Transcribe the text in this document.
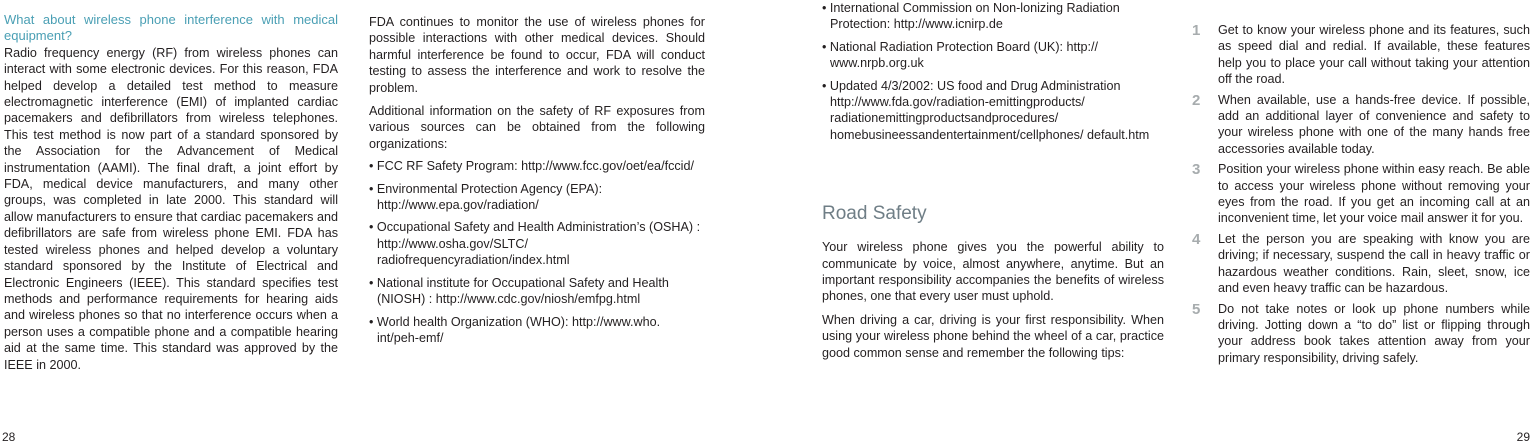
What about wireless phone interference with medical equipment?

Radio frequency energy (RF) from wireless phones can interact with some electronic devices. For this reason, FDA helped develop a detailed test method to measure electromagnetic interference (EMI) of implanted cardiac pacemakers and defibrillators from wireless telephones. This test method is now part of a standard sponsored by the Association for the Advancement of Medical instrumentation (AAMI). The final draft, a joint effort by FDA, medical device manufacturers, and many other groups, was completed in late 2000. This standard will allow manufacturers to ensure that cardiac pacemakers and defibrillators are safe from wireless phone EMI. FDA has tested wireless phones and helped develop a voluntary standard sponsored by the Institute of Electrical and Electronic Engineers (IEEE). This standard specifies test methods and performance requirements for hearing aids and wireless phones so that no interference occurs when a person uses a compatible phone and a compatible hearing aid at the same time. This standard was approved by the IEEE in 2000.

FDA continues to monitor the use of wireless phones for possible interactions with other medical devices. Should harmful interference be found to occur, FDA will conduct testing to assess the interference and work to resolve the problem.

Additional information on the safety of RF exposures from various sources can be obtained from the following organizations:

• FCC RF Safety Program: http://www.fcc.gov/oet/ea/fccid/
• Environmental Protection Agency (EPA): http://www.epa.gov/radiation/
• Occupational Safety and Health Administration’s (OSHA) : http://www.osha.gov/SLTC/ radiofrequencyradiation/index.html
• National institute for Occupational Safety and Health (NIOSH) : http://www.cdc.gov/niosh/emfpg.html
• World health Organization (WHO): http://www.who. int/peh-emf/
28
• International Commission on Non-lonizing Radiation Protection: http://www.icnirp.de
• National Radiation Protection Board (UK): http:// www.nrpb.org.uk
• Updated 4/3/2002: US food and Drug Administration http://www.fda.gov/radiation-emittingproducts/ radiationemittingproductsandprocedures/ homebusineessandentertainment/cellphones/ default.htm
Road Safety

Your wireless phone gives you the powerful ability to communicate by voice, almost anywhere, anytime. But an important responsibility accompanies the benefits of wireless phones, one that every user must uphold.

When driving a car, driving is your first responsibility. When using your wireless phone behind the wheel of a car, practice good common sense and remember the following tips:

1	Get to know your wireless phone and its features, such as speed dial and redial. If available, these features help you to place your call without taking your attention off the road.
2	When available, use a hands-free device. If possible, add an additional layer of convenience and safety to your wireless phone with one of the many hands free accessories available today.
3	Position your wireless phone within easy reach. Be able to access your wireless phone without removing your eyes from the road. If you get an incoming call at an inconvenient time, let your voice mail answer it for you.
4	Let the person you are speaking with know you are driving; if necessary, suspend the call in heavy traffic or hazardous weather conditions. Rain, sleet, snow, ice and even heavy traffic can be hazardous.
5	Do not take notes or look up phone numbers while driving. Jotting down a “to do” list or flipping through your address book takes attention away from your primary responsibility, driving safely.
29
